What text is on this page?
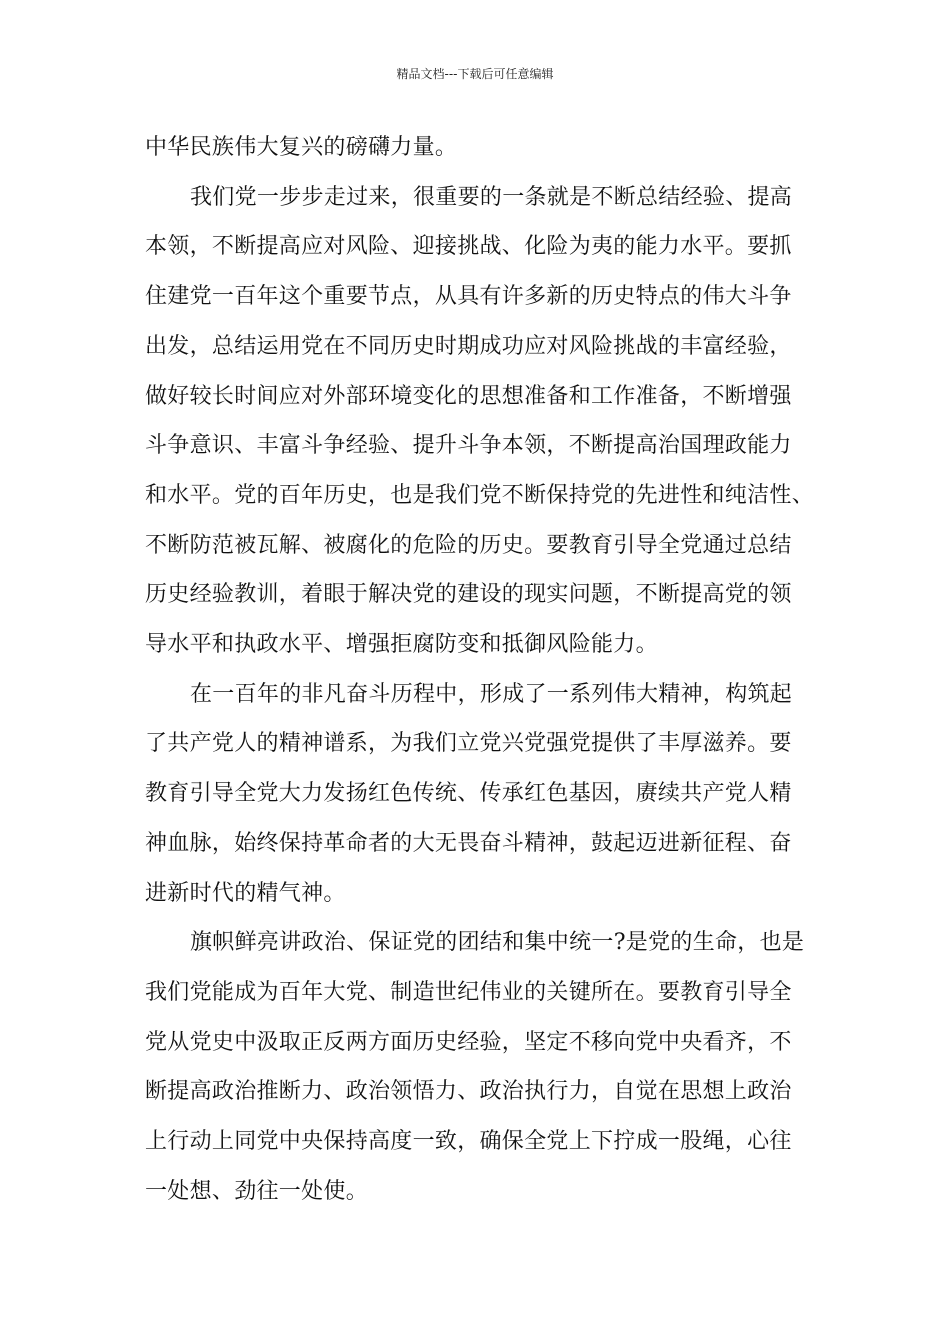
精品文档---下载后可任意编辑
中华民族伟大复兴的磅礴力量。
我们党一步步走过来，很重要的一条就是不断总结经验、提高
本领，不断提高应对风险、迎接挑战、化险为夷的能力水平。要抓
住建党一百年这个重要节点，从具有许多新的历史特点的伟大斗争
出发，总结运用党在不同历史时期成功应对风险挑战的丰富经验，
做好较长时间应对外部环境变化的思想准备和工作准备，不断增强
斗争意识、丰富斗争经验、提升斗争本领，不断提高治国理政能力
和水平。党的百年历史，也是我们党不断保持党的先进性和纯洁性、
不断防范被瓦解、被腐化的危险的历史。要教育引导全党通过总结
历史经验教训，着眼于解决党的建设的现实问题，不断提高党的领
导水平和执政水平、增强拒腐防变和抵御风险能力。
在一百年的非凡奋斗历程中，形成了一系列伟大精神，构筑起
了共产党人的精神谱系，为我们立党兴党强党提供了丰厚滋养。要
教育引导全党大力发扬红色传统、传承红色基因，赓续共产党人精
神血脉，始终保持革命者的大无畏奋斗精神，鼓起迈进新征程、奋
进新时代的精气神。
旗帜鲜亮讲政治、保证党的团结和集中统一?是党的生命，也是
我们党能成为百年大党、制造世纪伟业的关键所在。要教育引导全
党从党史中汲取正反两方面历史经验，坚定不移向党中央看齐，不
断提高政治推断力、政治领悟力、政治执行力，自觉在思想上政治
上行动上同党中央保持高度一致，确保全党上下拧成一股绳，心往
一处想、劲往一处使。
